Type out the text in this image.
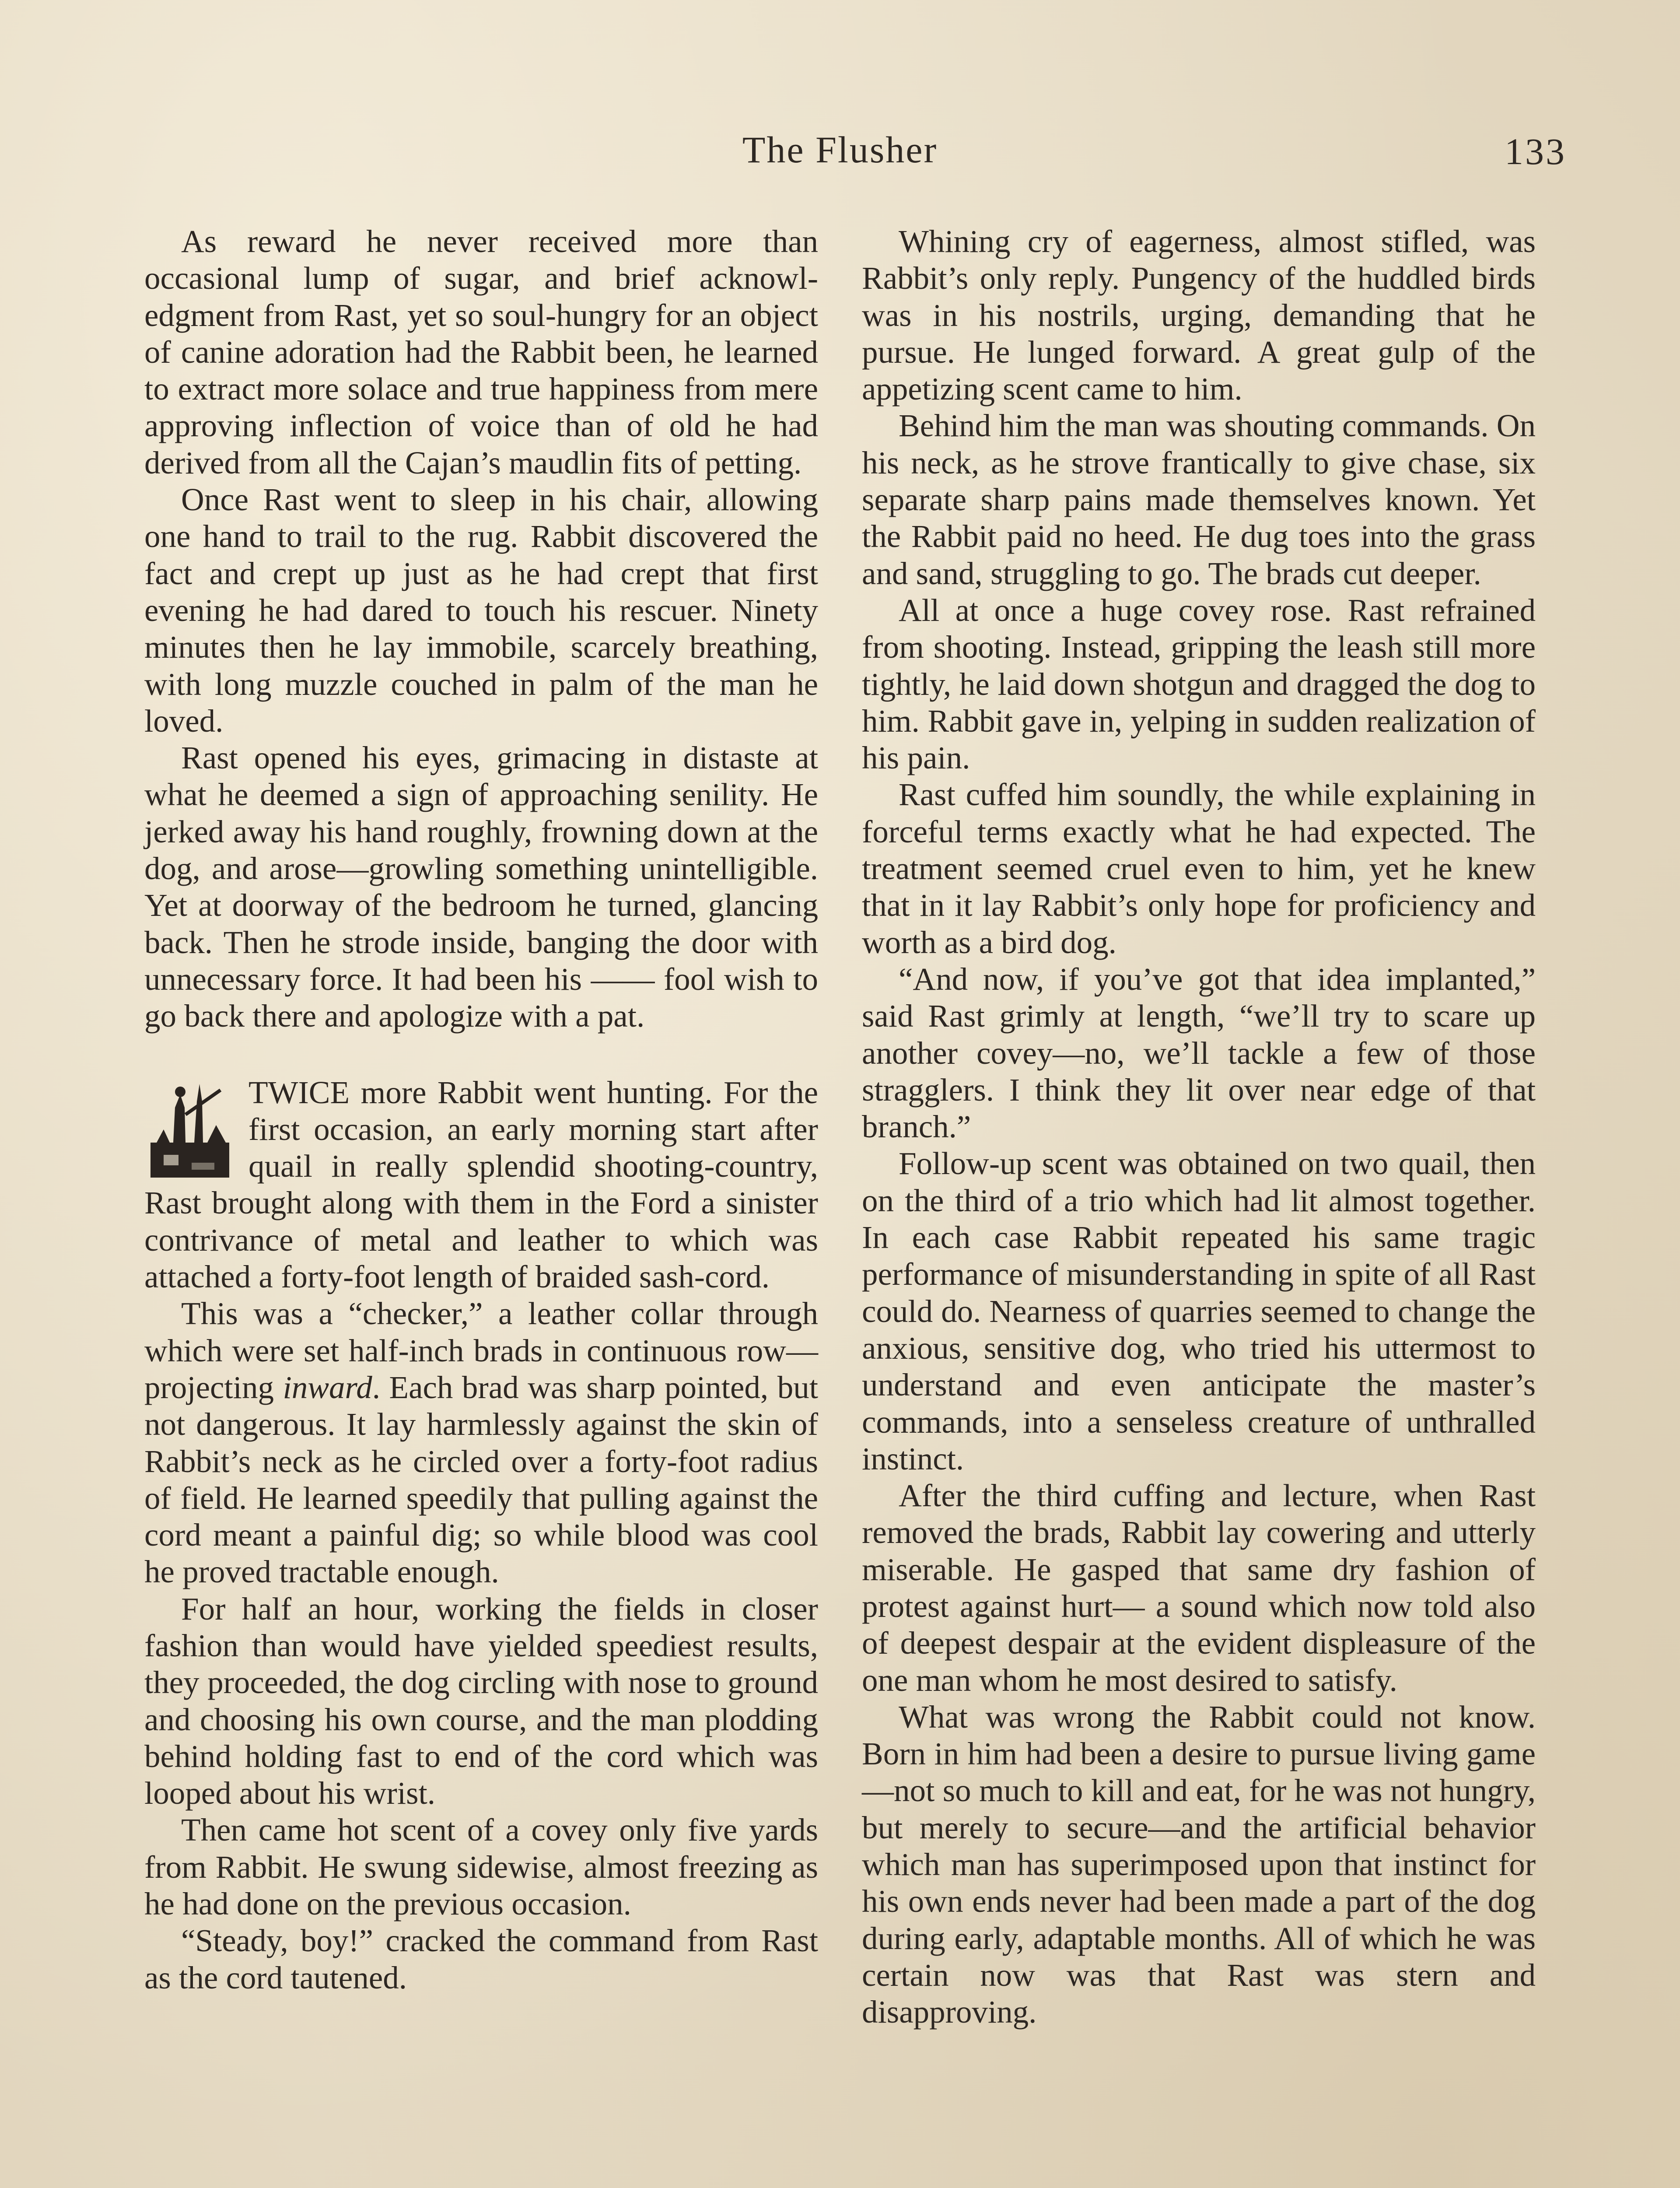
The Flusher	133

As reward he never received more than occasional lump of sugar, and brief acknowledgment from Rast, yet so soul-hungry for an object of canine adoration had the Rabbit been, he learned to extract more solace and true happiness from mere approving inflection of voice than of old he had derived from all the Cajan’s maudlin fits of petting.

Once Rast went to sleep in his chair, allowing one hand to trail to the rug. Rabbit discovered the fact and crept up just as he had crept that first evening he had dared to touch his rescuer. Ninety minutes then he lay immobile, scarcely breathing, with long muzzle couched in palm of the man he loved.

Rast opened his eyes, grimacing in distaste at what he deemed a sign of approaching senility. He jerked away his hand roughly, frowning down at the dog, and arose—growling something unintelligible. Yet at doorway of the bedroom he turned, glancing back. Then he strode inside, banging the door with unnecessary force. It had been his —— fool wish to go back there and apologize with a pat.

TWICE more Rabbit went hunting. For the first occasion, an early morning start after quail in really splendid shooting-country, Rast brought along with them in the Ford a sinister contrivance of metal and leather to which was attached a forty-foot length of braided sash-cord.

This was a “checker,” a leather collar through which were set half-inch brads in continuous row—projecting inward. Each brad was sharp pointed, but not dangerous. It lay harmlessly against the skin of Rabbit’s neck as he circled over a forty-foot radius of field. He learned speedily that pulling against the cord meant a painful dig; so while blood was cool he proved tractable enough.

For half an hour, working the fields in closer fashion than would have yielded speediest results, they proceeded, the dog circling with nose to ground and choosing his own course, and the man plodding behind holding fast to end of the cord which was looped about his wrist.

Then came hot scent of a covey only five yards from Rabbit. He swung sidewise, almost freezing as he had done on the previous occasion.

“Steady, boy!” cracked the command from Rast as the cord tautened.

Whining cry of eagerness, almost stifled, was Rabbit’s only reply. Pungency of the huddled birds was in his nostrils, urging, demanding that he pursue. He lunged forward. A great gulp of the appetizing scent came to him.

Behind him the man was shouting commands. On his neck, as he strove frantically to give chase, six separate sharp pains made themselves known. Yet the Rabbit paid no heed. He dug toes into the grass and sand, struggling to go. The brads cut deeper.

All at once a huge covey rose. Rast refrained from shooting. Instead, gripping the leash still more tightly, he laid down shotgun and dragged the dog to him. Rabbit gave in, yelping in sudden realization of his pain.

Rast cuffed him soundly, the while explaining in forceful terms exactly what he had expected. The treatment seemed cruel even to him, yet he knew that in it lay Rabbit’s only hope for proficiency and worth as a bird dog.

“And now, if you’ve got that idea implanted,” said Rast grimly at length, “we’ll try to scare up another covey—no, we’ll tackle a few of those stragglers. I think they lit over near edge of that branch.”

Follow-up scent was obtained on two quail, then on the third of a trio which had lit almost together. In each case Rabbit repeated his same tragic performance of misunderstanding in spite of all Rast could do. Nearness of quarries seemed to change the anxious, sensitive dog, who tried his uttermost to understand and even anticipate the master’s commands, into a senseless creature of unthralled instinct.

After the third cuffing and lecture, when Rast removed the brads, Rabbit lay cowering and utterly miserable. He gasped that same dry fashion of protest against hurt— a sound which now told also of deepest despair at the evident displeasure of the one man whom he most desired to satisfy.

What was wrong the Rabbit could not know. Born in him had been a desire to pursue living game—not so much to kill and eat, for he was not hungry, but merely to secure—and the artificial behavior which man has superimposed upon that instinct for his own ends never had been made a part of the dog during early, adaptable months. All of which he was certain now was that Rast was stern and disapproving.
